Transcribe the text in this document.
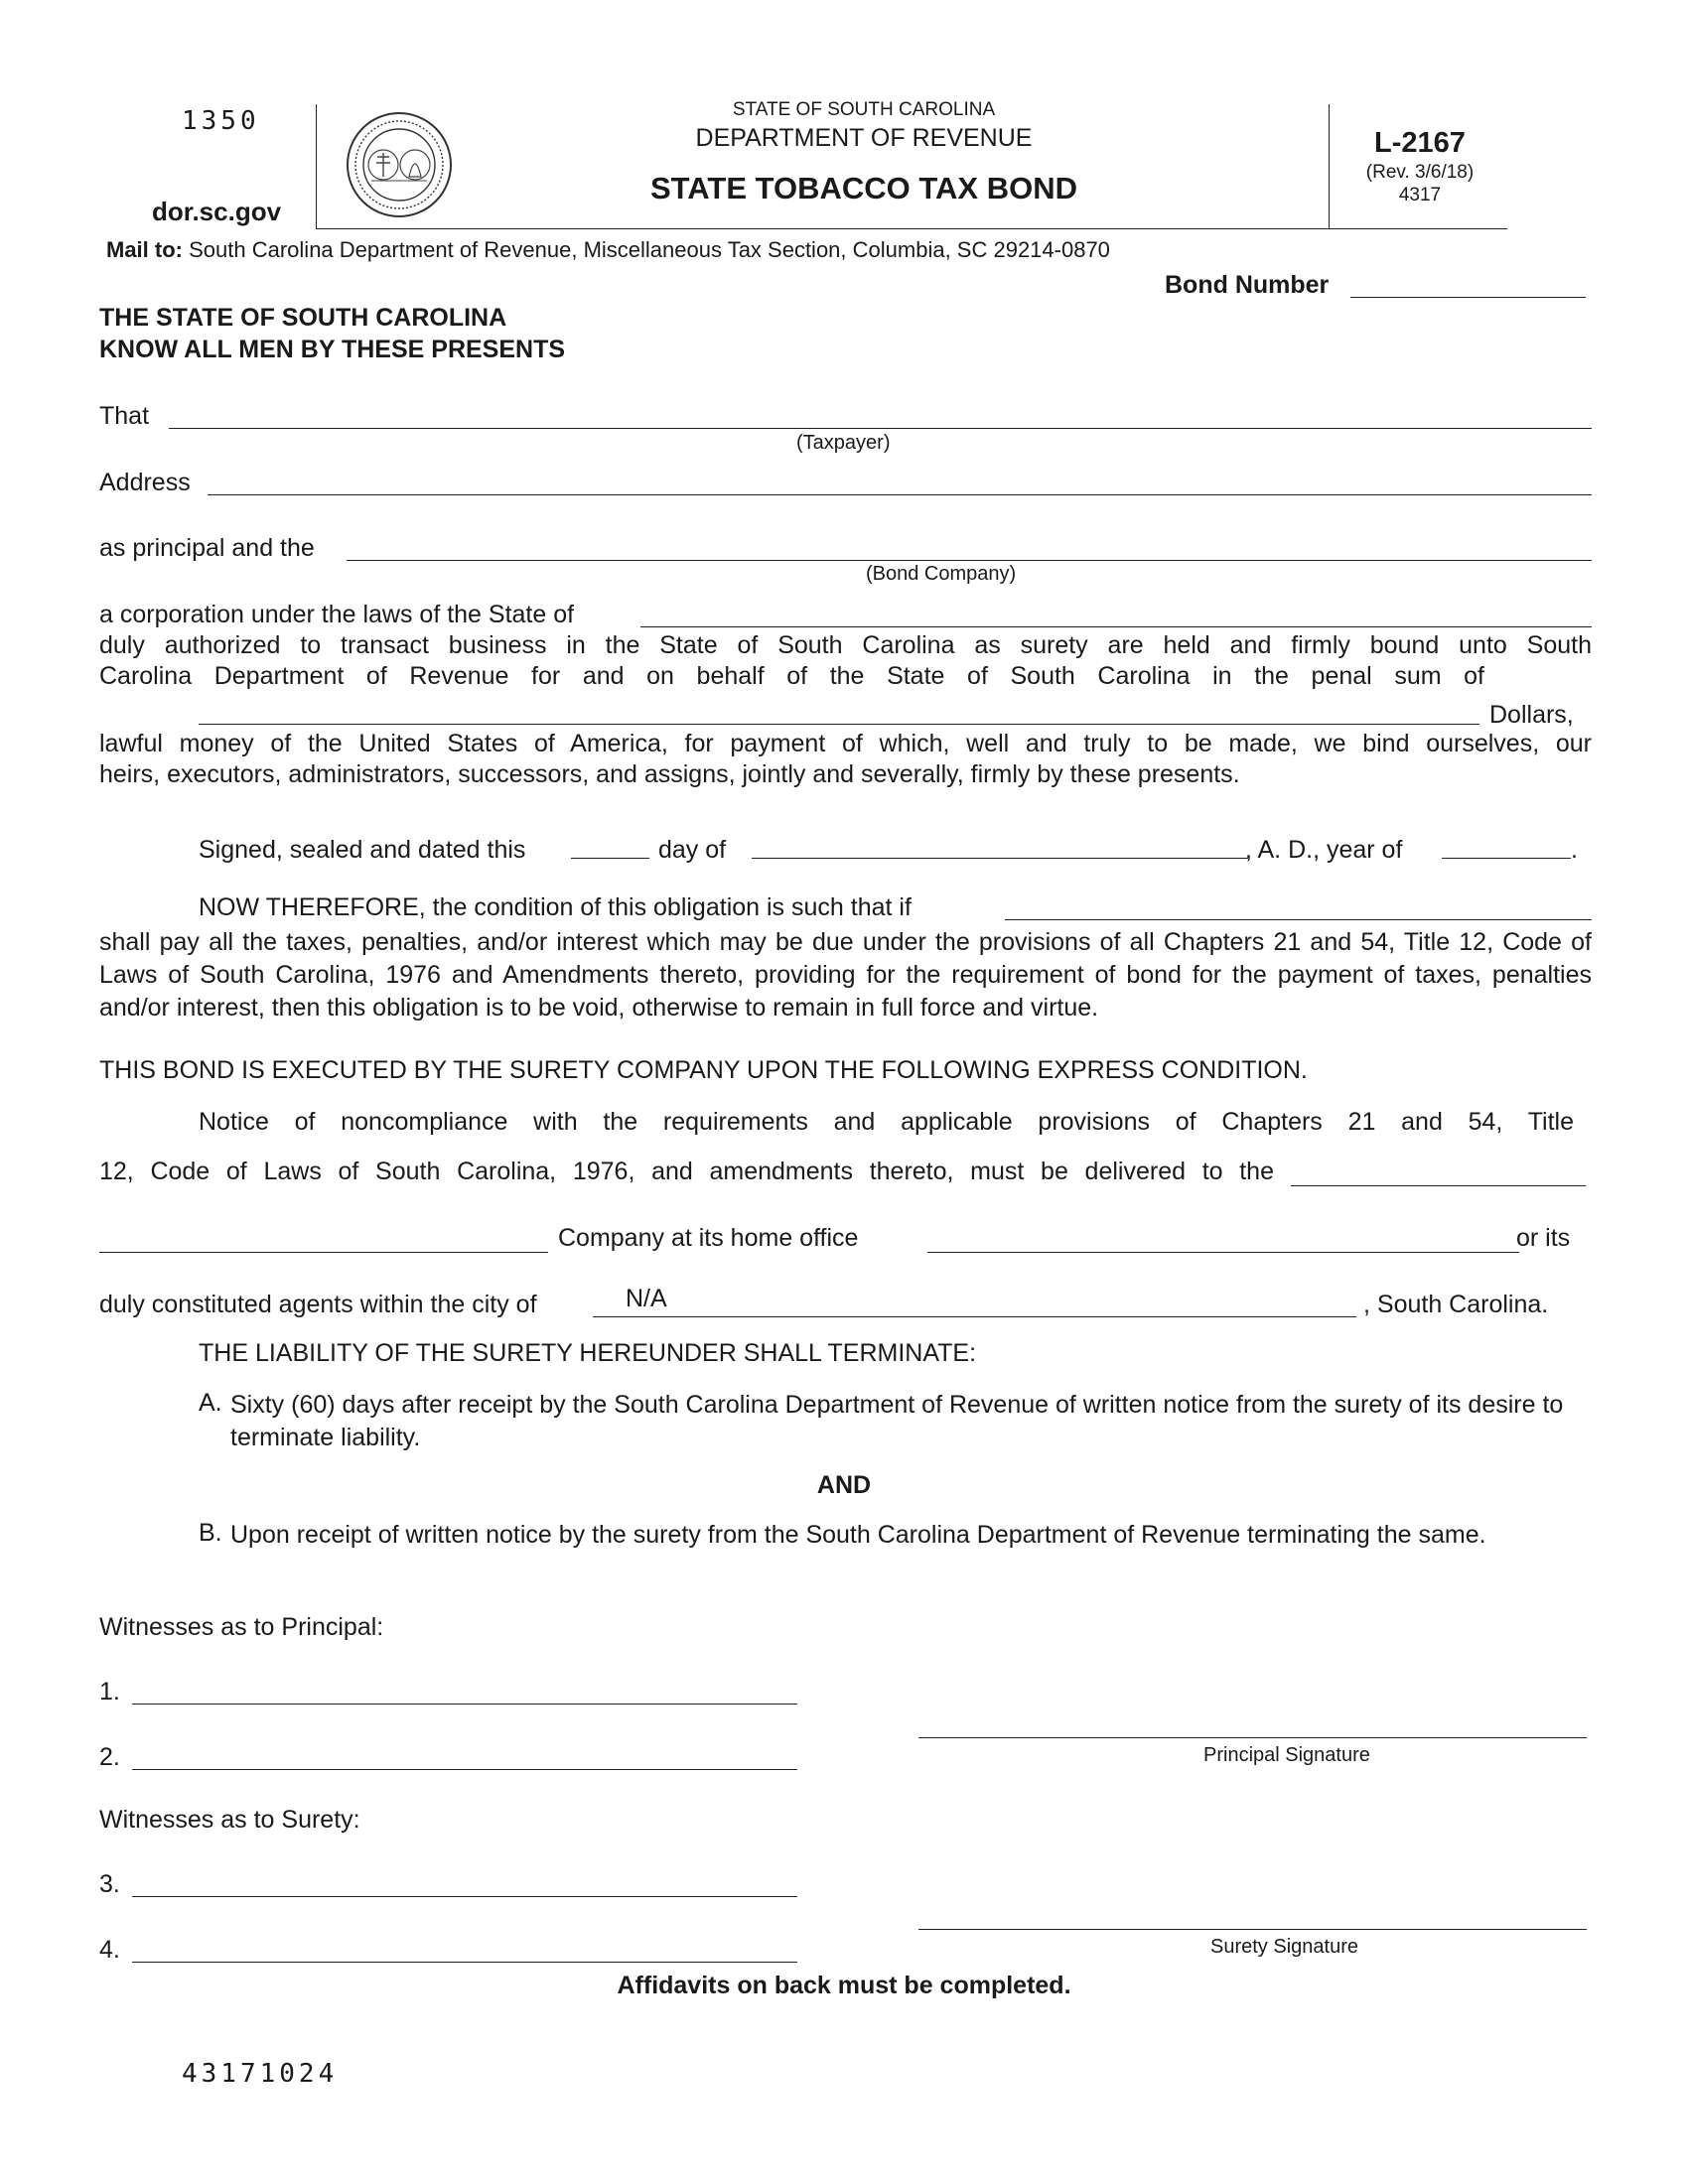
1350
dor.sc.gov
STATE OF SOUTH CAROLINA
DEPARTMENT OF REVENUE
STATE TOBACCO TAX BOND
L-2167
(Rev. 3/6/18)
4317
Mail to: South Carolina Department of Revenue, Miscellaneous Tax Section, Columbia, SC 29214-0870
Bond Number
THE STATE OF SOUTH CAROLINA
KNOW ALL MEN BY THESE PRESENTS
That
(Taxpayer)
Address
as principal and the
(Bond Company)
a corporation under the laws of the State of
duly authorized to transact business in the State of South Carolina as surety are held and firmly bound unto South
Carolina Department of Revenue for and on behalf of the State of South Carolina in the penal sum of
Dollars,
lawful money of the United States of America, for payment of which, well and truly to be made, we bind ourselves, our
heirs, executors, administrators, successors, and assigns, jointly and severally, firmly by these presents.
Signed, sealed and dated this	day of	, A. D., year of	.
NOW THEREFORE, the condition of this obligation is such that if
shall pay all the taxes, penalties, and/or interest which may be due under the provisions of all Chapters 21 and 54, Title 12, Code of Laws of South Carolina, 1976 and Amendments thereto, providing for the requirement of bond for the payment of taxes, penalties and/or interest, then this obligation is to be void, otherwise to remain in full force and virtue.
THIS BOND IS EXECUTED BY THE SURETY COMPANY UPON THE FOLLOWING EXPRESS CONDITION.
Notice of noncompliance with the requirements and applicable provisions of Chapters 21 and 54, Title
12, Code of Laws of South Carolina, 1976, and amendments thereto, must be delivered to the
Company at its home office	or its
duly constituted agents within the city of	N/A	, South Carolina.
THE LIABILITY OF THE SURETY HEREUNDER SHALL TERMINATE:
A. Sixty (60) days after receipt by the South Carolina Department of Revenue of written notice from the surety of its desire to terminate liability.
AND
B. Upon receipt of written notice by the surety from the South Carolina Department of Revenue terminating the same.
Witnesses as to Principal:
1.
2.	Principal Signature
Witnesses as to Surety:
3.
4.	Surety Signature
Affidavits on back must be completed.
43171024
